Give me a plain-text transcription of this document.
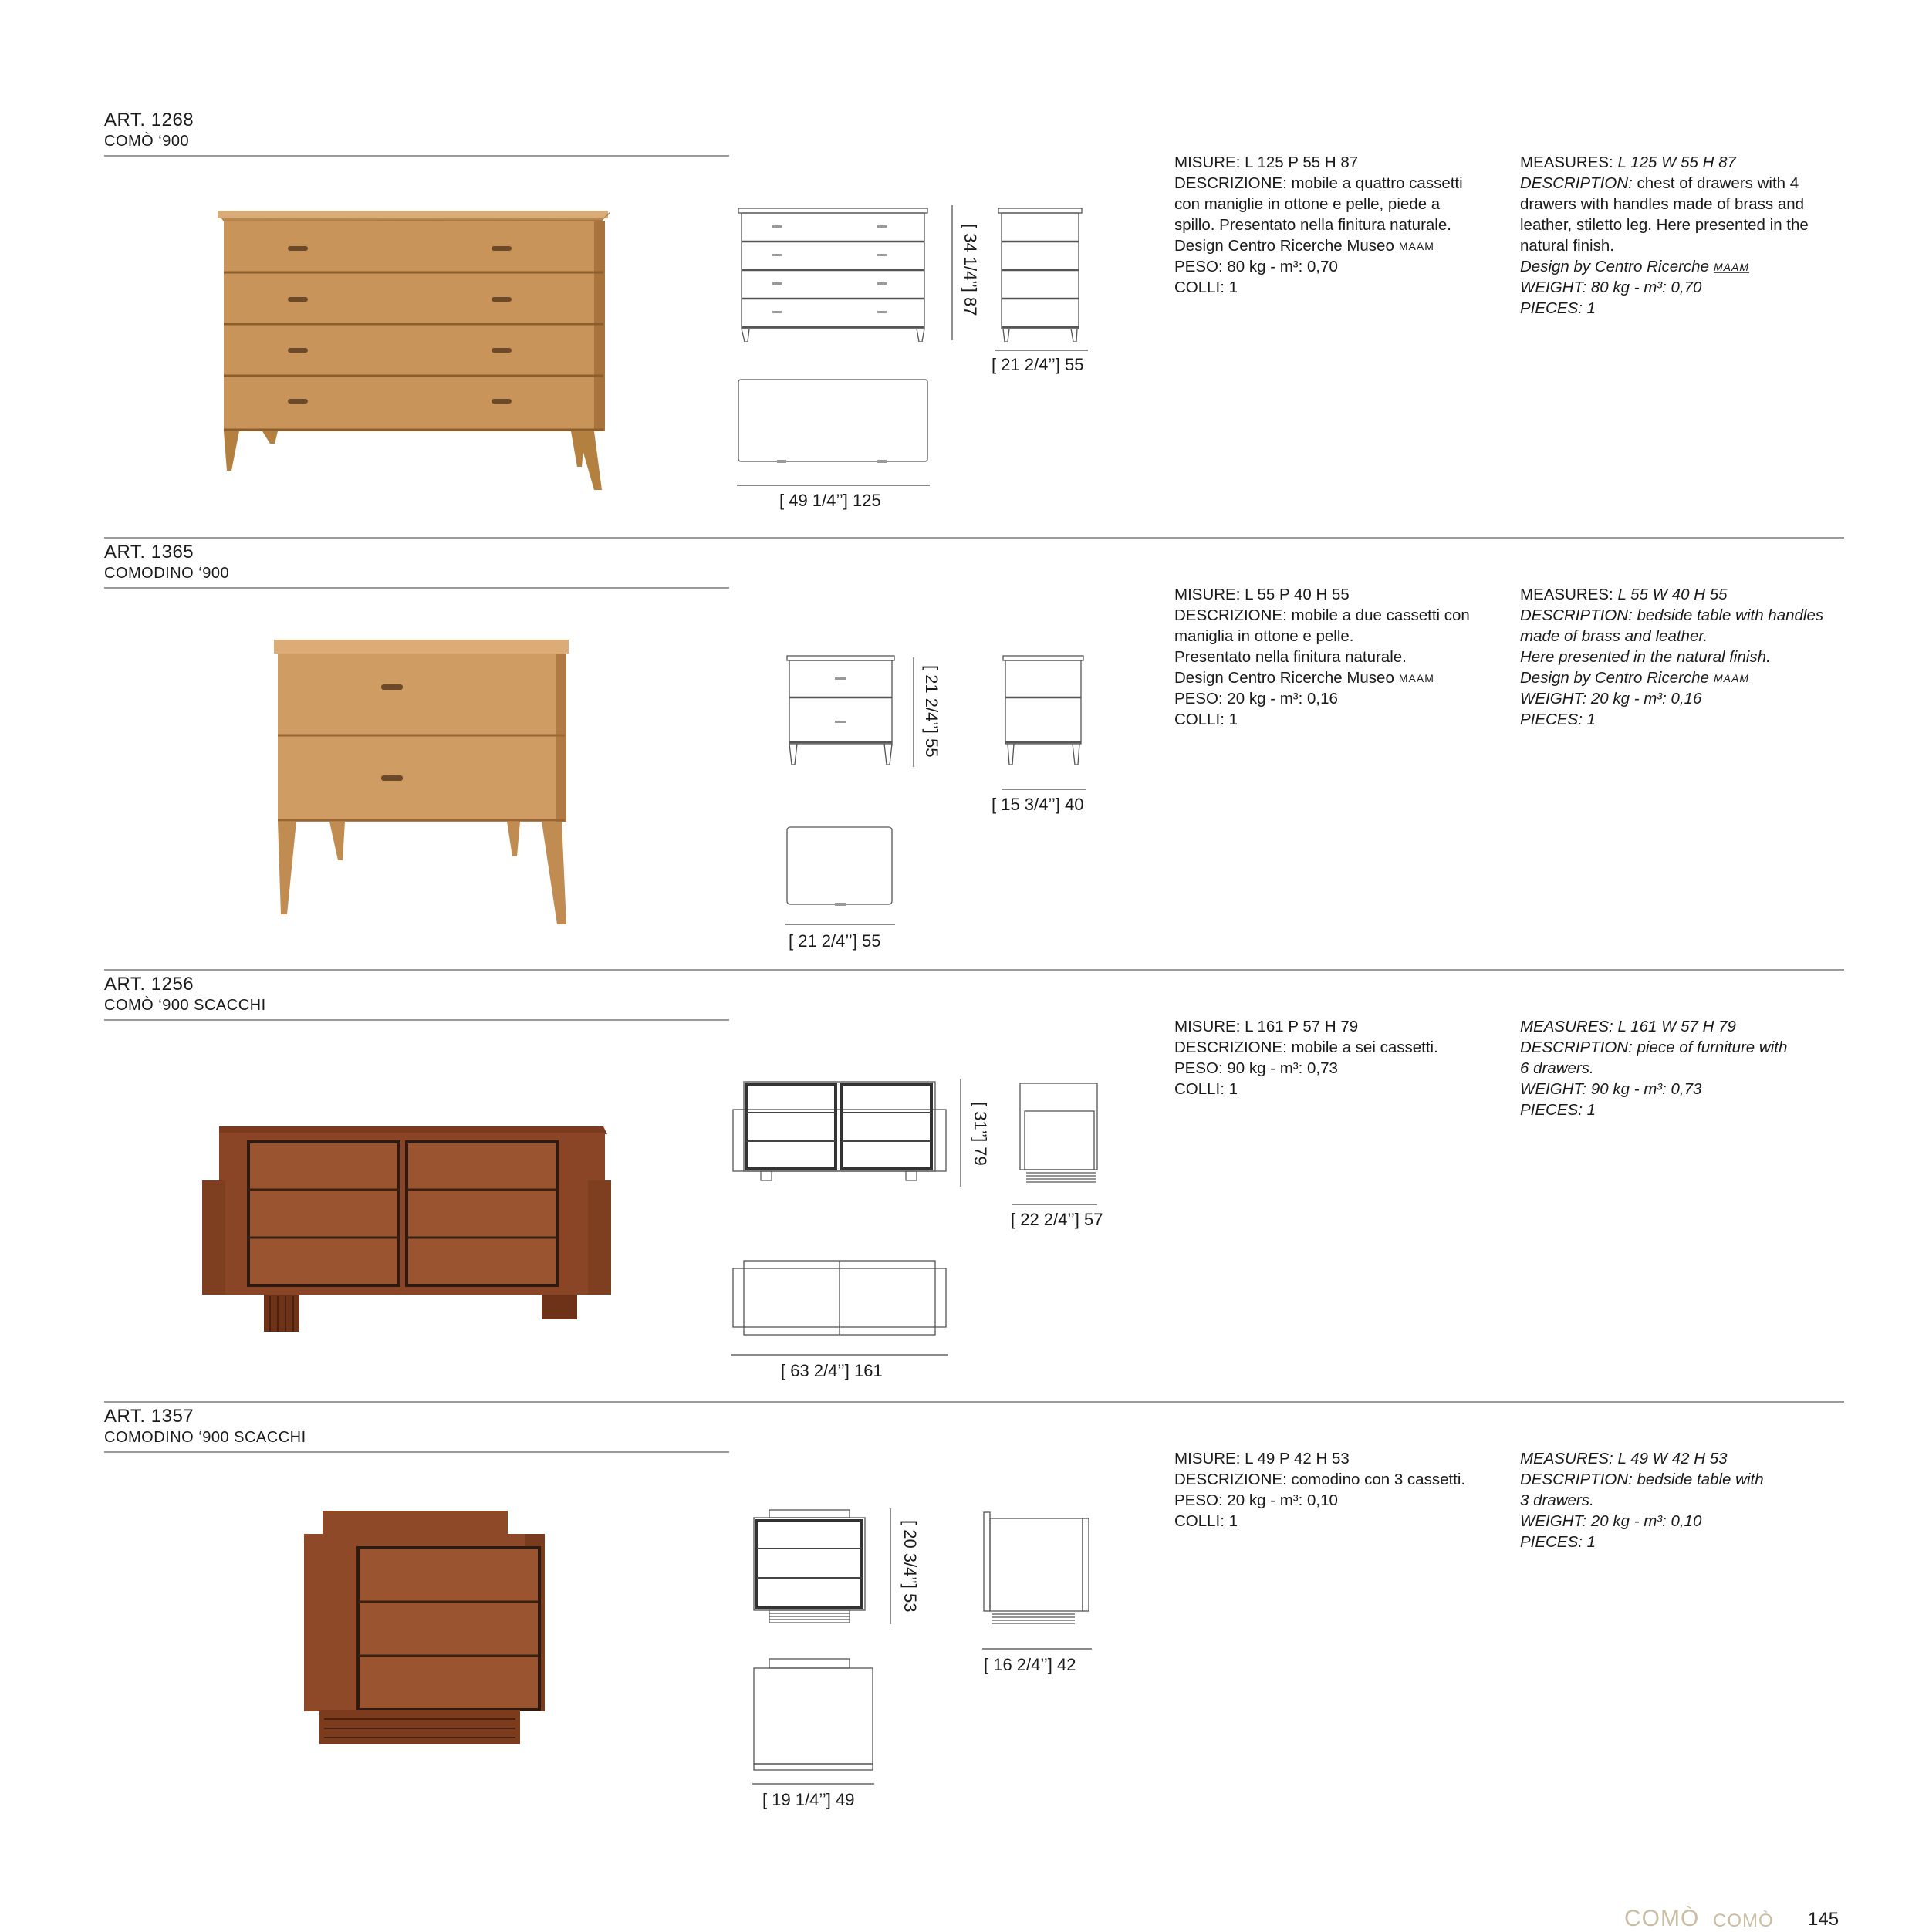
ART. 1268
COMÒ ‘900
[ 34 1/4’’] 87
[ 21 2/4’’] 55
[ 49 1/4’’] 125
MISURE: L 125 P 55 H 87
DESCRIZIONE: mobile a quattro cassetti
con maniglie in ottone e pelle, piede a
spillo. Presentato nella finitura naturale.
Design Centro Ricerche Museo MAAM
PESO: 80 kg - m³: 0,70
COLLI: 1
MEASURES: L 125 W 55 H 87
DESCRIPTION: chest of drawers with 4
drawers with handles made of brass and
leather, stiletto leg. Here presented in the
natural finish.
Design by Centro Ricerche MAAM
WEIGHT: 80 kg - m³: 0,70
PIECES: 1
ART. 1365
COMODINO ‘900
[ 21 2/4’’] 55
[ 15 3/4’’] 40
[ 21 2/4’’] 55
MISURE: L 55 P 40 H 55
DESCRIZIONE: mobile a due cassetti con
maniglia in ottone e pelle.
Presentato nella finitura naturale.
Design Centro Ricerche Museo MAAM
PESO: 20 kg - m³: 0,16
COLLI: 1
MEASURES: L 55 W 40 H 55
DESCRIPTION: bedside table with handles
made of brass and leather.
Here presented in the natural finish.
Design by Centro Ricerche MAAM
WEIGHT: 20 kg - m³: 0,16
PIECES: 1
ART. 1256
COMÒ ‘900 SCACCHI
[ 31’’] 79
[ 22 2/4’’] 57
[ 63 2/4’’] 161
MISURE: L 161 P 57 H 79
DESCRIZIONE: mobile a sei cassetti.
PESO: 90 kg - m³: 0,73
COLLI: 1
MEASURES: L 161 W 57 H 79
DESCRIPTION: piece of furniture with
6 drawers.
WEIGHT: 90 kg - m³: 0,73
PIECES: 1
ART. 1357
COMODINO ‘900 SCACCHI
[ 20 3/4’’] 53
[ 16 2/4’’] 42
[ 19 1/4’’] 49
MISURE: L 49 P 42 H 53
DESCRIZIONE: comodino con 3 cassetti.
PESO: 20 kg - m³: 0,10
COLLI: 1
MEASURES: L 49 W 42 H 53
DESCRIPTION: bedside table with
3 drawers.
WEIGHT: 20 kg - m³: 0,10
PIECES: 1
COMÒ COMÒ 145
